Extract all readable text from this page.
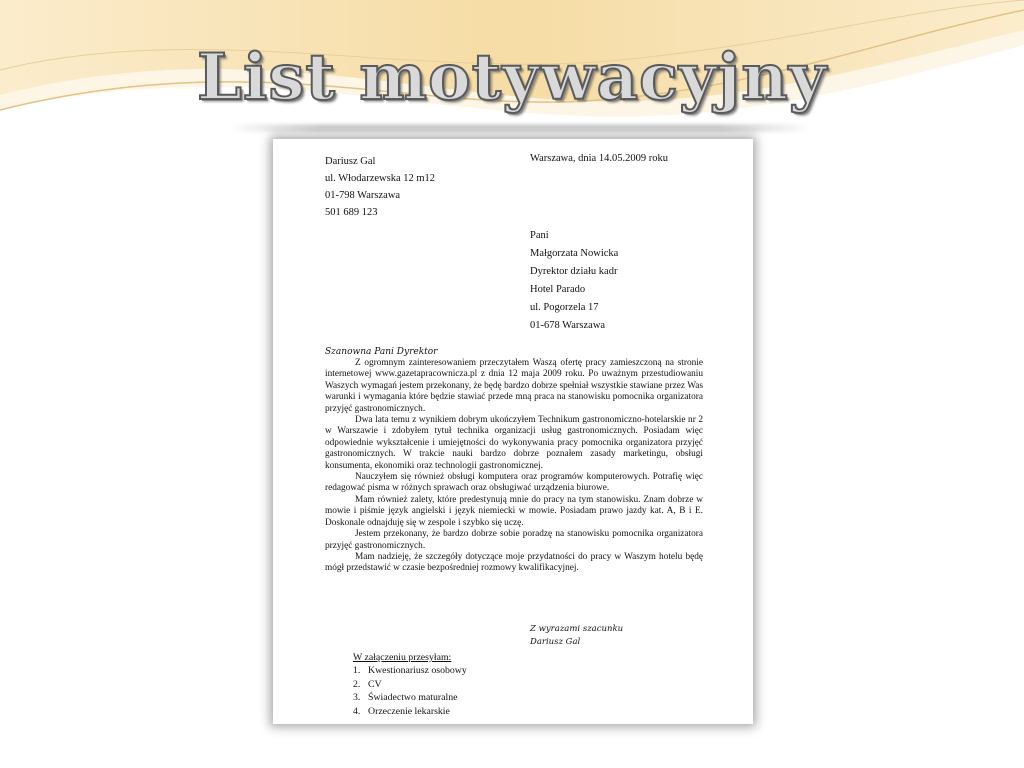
List motywacyjny
Dariusz Gal
ul. Włodarzewska 12 m12
01-798 Warszawa
501 689 123
Warszawa, dnia 14.05.2009 roku
Pani
Małgorzata Nowicka
Dyrektor działu kadr
Hotel Parado
ul. Pogorzela 17
01-678 Warszawa
Szanowna Pani Dyrektor

Z ogromnym zainteresowaniem przeczytałem Waszą ofertę pracy zamieszczoną na stronie internetowej www.gazetapracownicza.pl z dnia 12 maja 2009 roku. Po uważnym przestudiowaniu Waszych wymagań jestem przekonany, że będę bardzo dobrze spełniał wszystkie stawiane przez Was warunki i wymagania które będzie stawiać przede mną praca na stanowisku pomocnika organizatora przyjęć gastronomicznych.

Dwa lata temu z wynikiem dobrym ukończyłem Technikum gastronomiczno-hotelarskie nr 2 w Warszawie i zdobyłem tytuł technika organizacji usług gastronomicznych. Posiadam więc odpowiednie wykształcenie i umiejętności do wykonywania pracy pomocnika organizatora przyjęć gastronomicznych. W trakcie nauki bardzo dobrze poznałem zasady marketingu, obsługi konsumenta, ekonomiki oraz technologii gastronomicznej.

Nauczyłem się również obsługi komputera oraz programów komputerowych. Potrafię więc redagować pisma w różnych sprawach oraz obsługiwać urządzenia biurowe.

Mam również zalety, które predestynują mnie do pracy na tym stanowisku. Znam dobrze w mowie i piśmie język angielski i język niemiecki w mowie. Posiadam prawo jazdy kat. A, B i E. Doskonale odnajduję się w zespole i szybko się uczę.

Jestem przekonany, że bardzo dobrze sobie poradzę na stanowisku pomocnika organizatora przyjęć gastronomicznych.

Mam nadzieję, że szczegóły dotyczące moje przydatności do pracy w Waszym hotelu będę mógł przedstawić w czasie bezpośredniej rozmowy kwalifikacyjnej.

Z wyrazami szacunku
Dariusz Gal
W załączeniu przesyłam:
1. Kwestionariusz osobowy
2. CV
3. Świadectwo maturalne
4. Orzeczenie lekarskie
